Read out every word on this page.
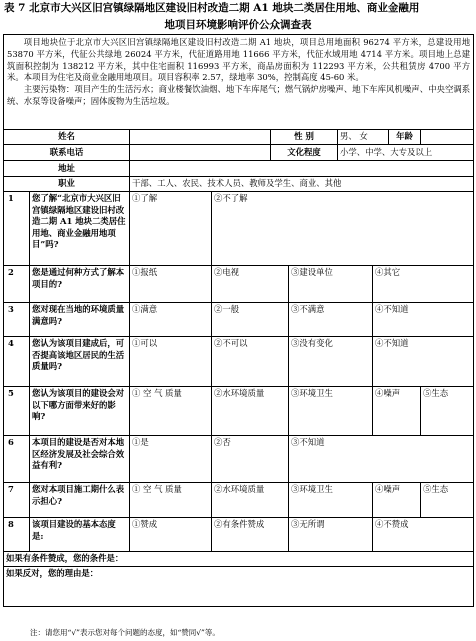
表 7 北京市大兴区旧宫镇绿隔地区建设旧村改造二期 A1 地块二类居住用地、商业金融用
地项目环境影响评价公众调查表
项目地块位于北京市大兴区旧宫镇绿隔地区建设旧村改造二期 A1 地块，项目总用地面积 96274 平方米，总建设用地 53870 平方米，代征公共绿地 26024 平方米，代征道路用地 11666 平方米，代征水域用地 4714 平方米。项目地上总建筑面积控制为 138212 平方米，其中住宅面积 116993 平方米，商品房面积为 112293 平方米，公共租赁房 4700 平方米。本项目为住宅及商业金融用地项目。项目容积率 2.57，绿地率 30%，控制高度 45-60 米。
主要污染物：项目产生的生活污水；商业楼餐饮油烟、地下车库尾气；燃气锅炉房噪声、地下车库风机噪声、中央空调系统、水泵等设备噪声；固体废物为生活垃圾。									

姓名				性 别		男、 女		年龄	
联系电话				文化程度		小学、中学、大专及以上			
地址									
职业		干部、工人、农民、技术人员、教师及学生、商业、其他							
1	您了解“北京市大兴区旧宫镇绿隔地区建设旧村改造二期 A1 地块二类居住用地、商业金融用地项目”吗?	①了解	②不了解						
2	您是通过何种方式了解本项目的?	①报纸	②电视		③建设单位		④其它		
3	您对现在当地的环境质量满意吗?	①满意	②一般		③不满意		④不知道		
4	您认为该项目建成后，可否提高该地区居民的生活质量吗?	①可以	②不可以		③没有变化		④不知道		
5	您认为该项目的建设会对以下哪方面带来好的影响?	① 空 气 质量	②水环境质量		③环境卫生		④噪声		⑤生态
6	本项目的建设是否对本地区经济发展及社会综合效益有利?	①是	②否		③不知道				
7	您对本项目施工期什么表示担心?	① 空 气 质量	②水环境质量		③环境卫生		④噪声		⑤生态
8	该项目建设的基本态度是:	①赞成	②有条件赞成		③无所谓		④不赞成		
如果有条件赞成，您的条件是：									
如果反对，您的理由是：									
注：请您用“√”表示您对每个问题的态度，如“赞同√”等。
